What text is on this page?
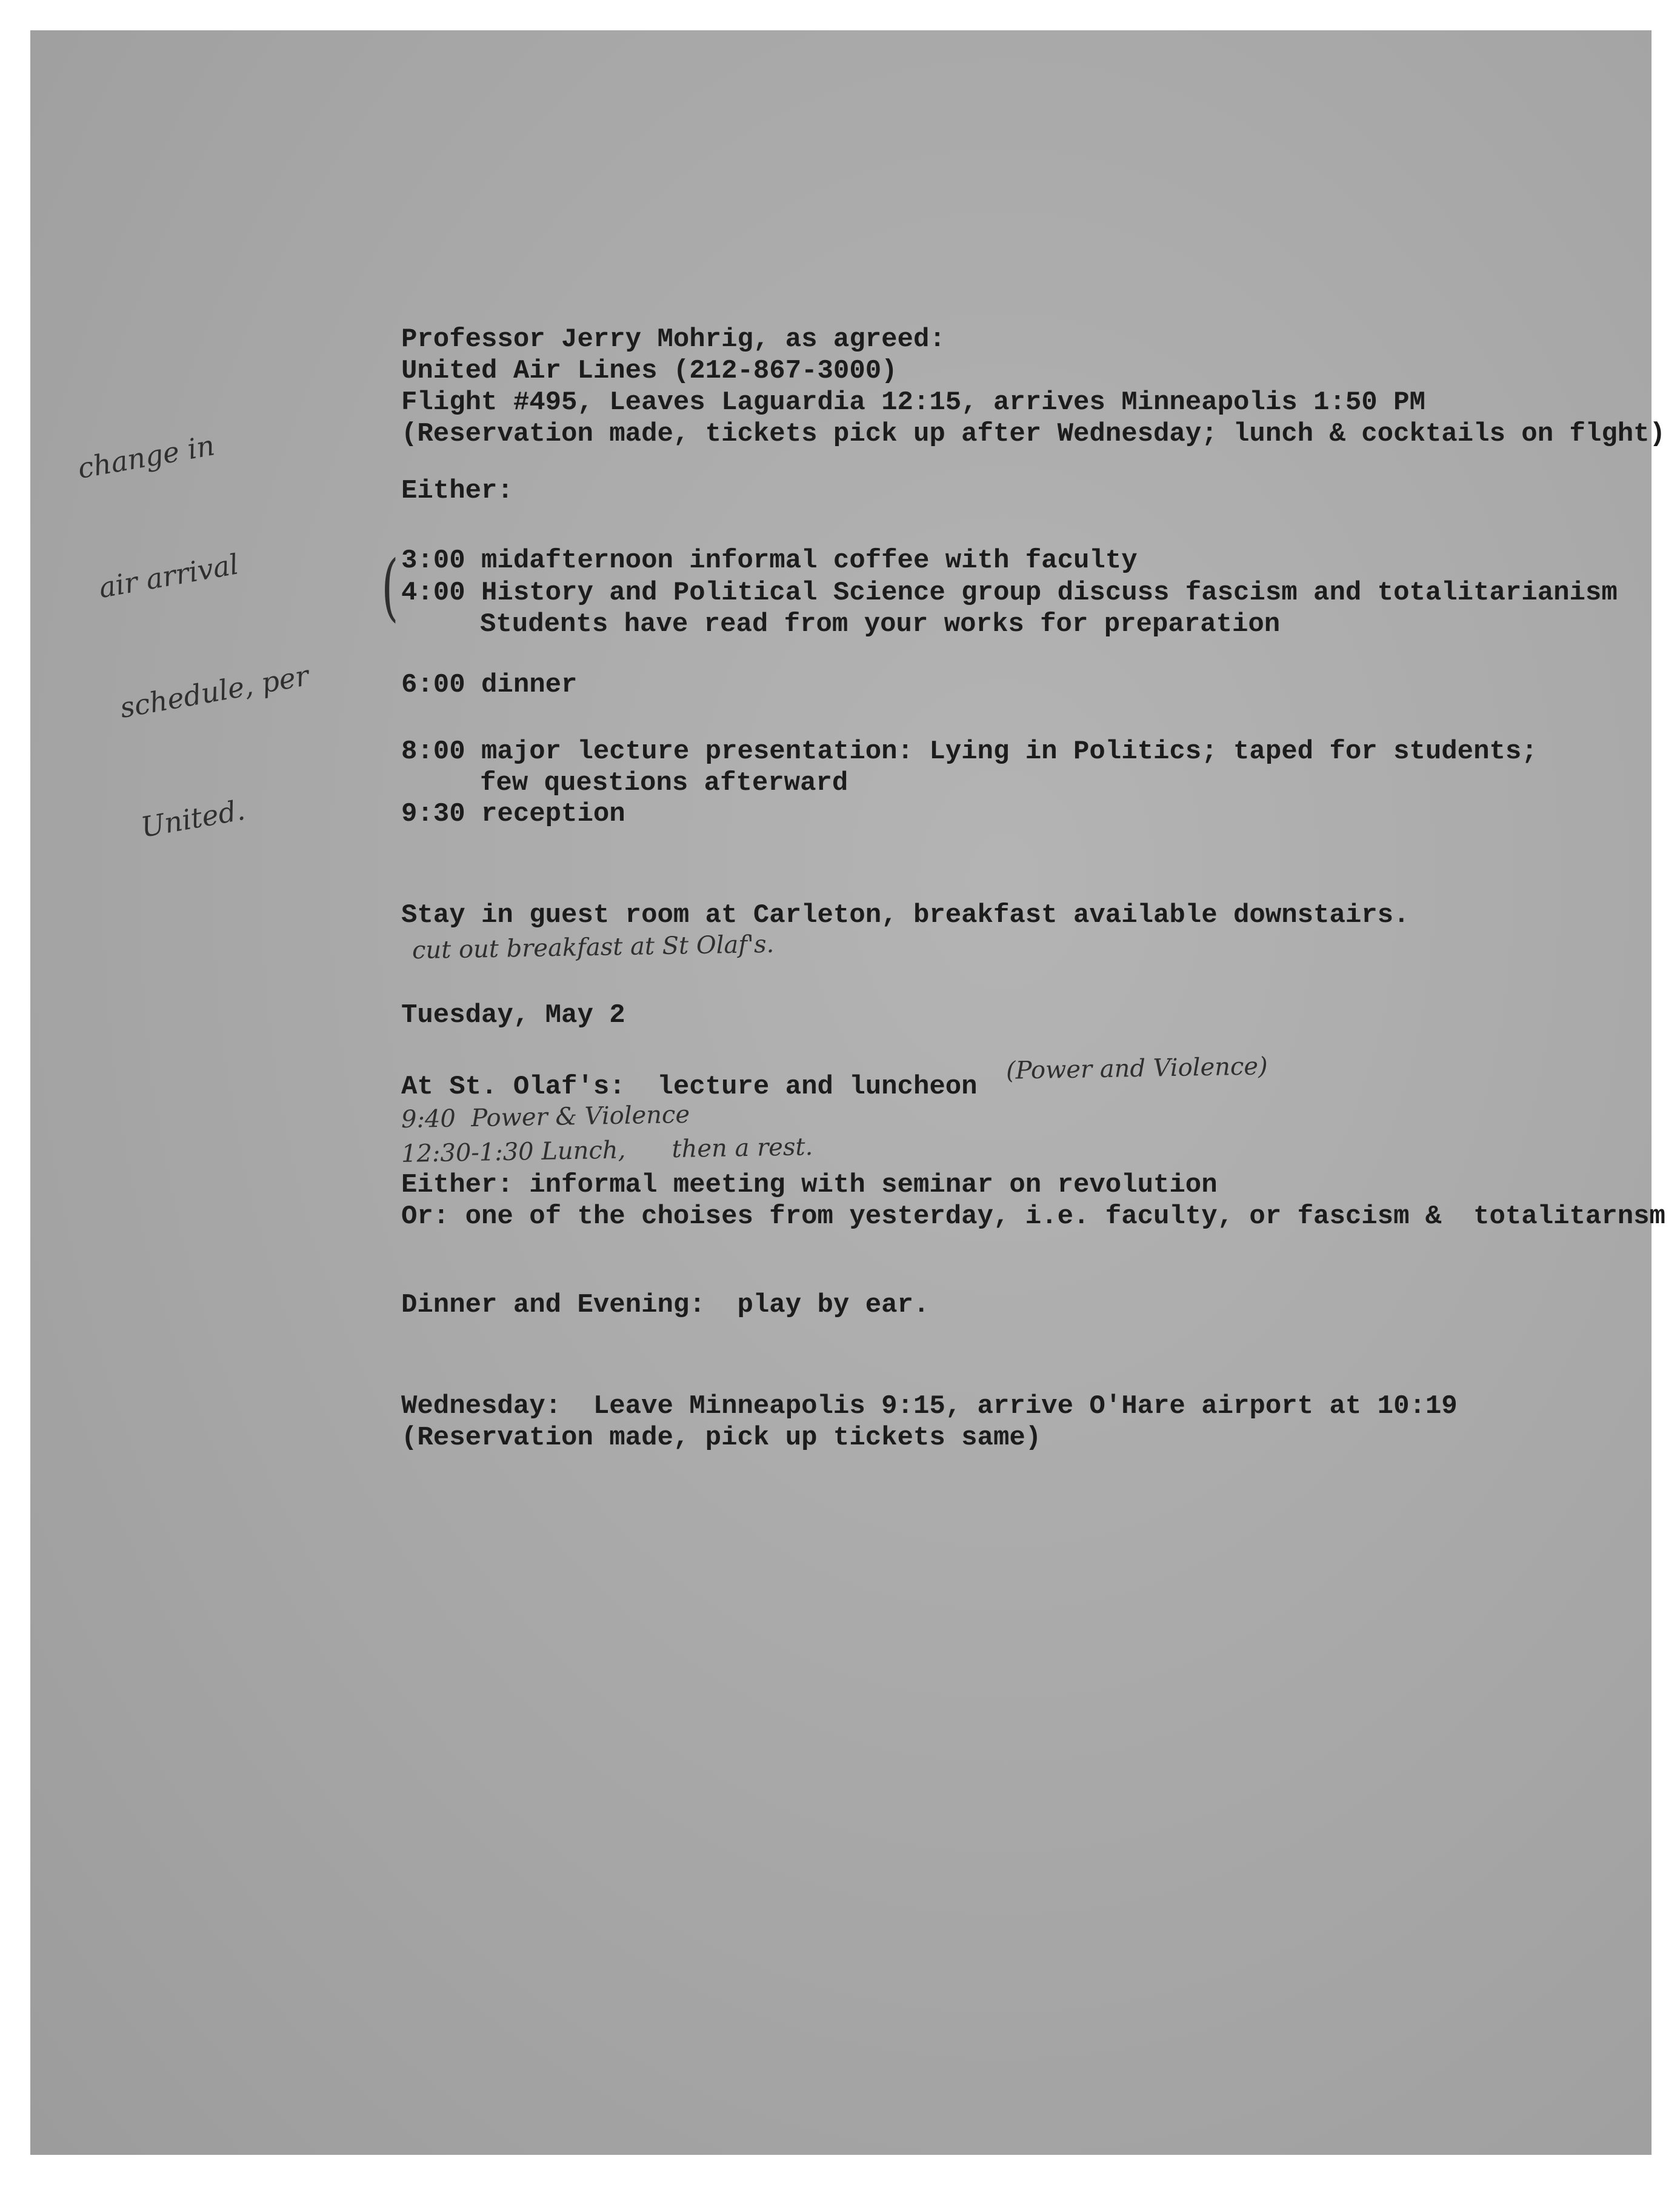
change in

air arrival

schedule, per

United.

Professor Jerry Mohrig, as agreed:
United Air Lines (212-867-3000)
Flight #495, Leaves Laguardia 12:15, arrives Minneapolis 1:50 PM
(Reservation made, tickets pick up after Wednesday; lunch & cocktails on flght)
Either:
( 3:00 midafternoon informal coffee with faculty
4:00 History and Political Science group discuss fascism and totalitarianism
Students have read from your works for preparation
6:00 dinner
8:00 major lecture presentation: Lying in Politics; taped for students;
few questions afterward
9:30 reception
Stay in guest room at Carleton, breakfast available downstairs.
cut out breakfast at St Olaf's.
Tuesday, May 2
At St. Olaf's:  lecture and luncheon
(Power and Violence)
9:40  Power & Violence
12:30-1:30 Lunch,      then a rest.
Either: informal meeting with seminar on revolution
Or: one of the choises from yesterday, i.e. faculty, or fascism &  totalitarnsm
Dinner and Evening:  play by ear.
Wednesday:  Leave Minneapolis 9:15, arrive O'Hare airport at 10:19
(Reservation made, pick up tickets same)
